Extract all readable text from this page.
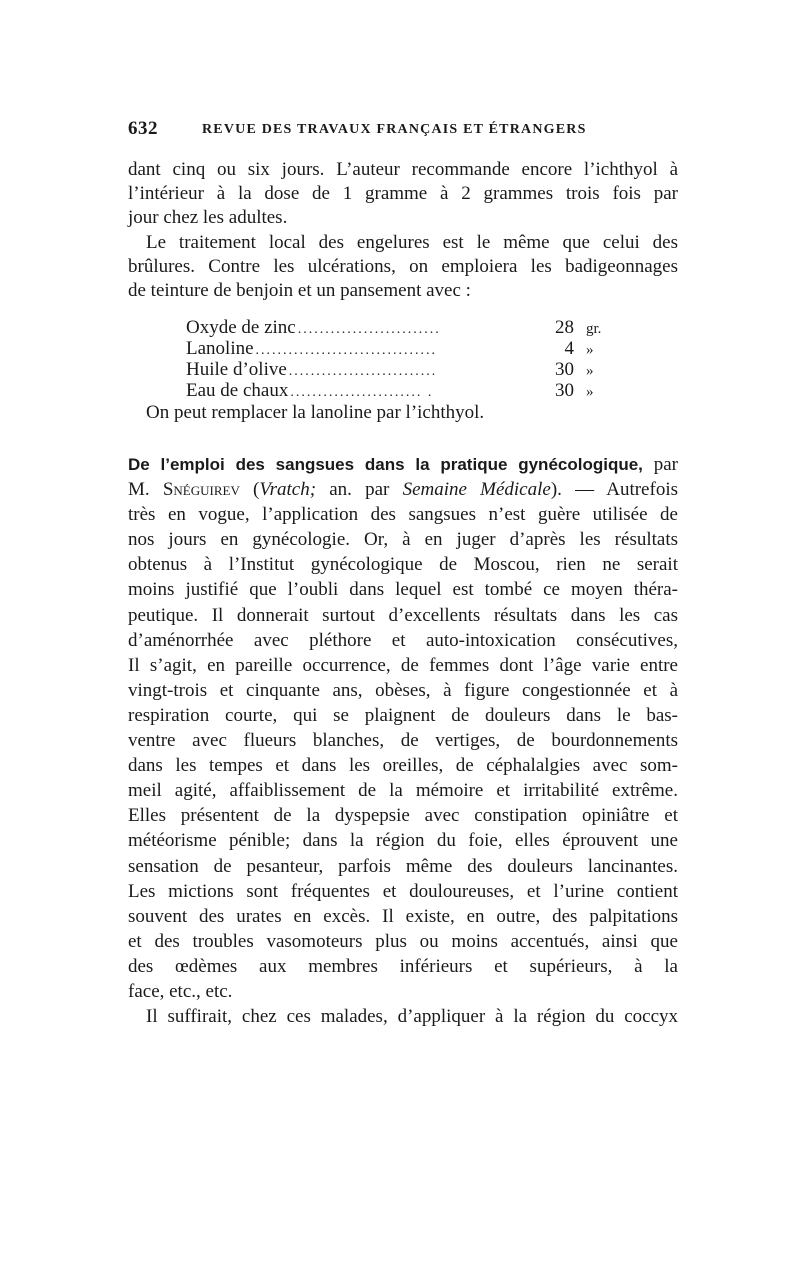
632	REVUE DES TRAVAUX FRANÇAIS ET ÉTRANGERS
dant cinq ou six jours. L’auteur recommande encore l’ichthyol à
l’intérieur à la dose de 1 gramme à 2 grammes trois fois par
jour chez les adultes.
Le traitement local des engelures est le même que celui des
brûlures. Contre les ulcérations, on emploiera les badigeonnages
de teinture de benjoin et un pansement avec :
Oxyde de zinc ..........................	28 gr.
Lanoline .................................	4 »
Huile d’olive ...........................	30 »
Eau de chaux ........................ .	30 »
On peut remplacer la lanoline par l’ichthyol.
De l’emploi des sangsues dans la pratique gynécologique, par
M. Snéguirev (Vratch; an. par Semaine Médicale). — Autrefois
très en vogue, l’application des sangsues n’est guère utilisée de
nos jours en gynécologie. Or, à en juger d’après les résultats
obtenus à l’Institut gynécologique de Moscou, rien ne serait
moins justifié que l’oubli dans lequel est tombé ce moyen théra-
peutique. Il donnerait surtout d’excellents résultats dans les cas
d’aménorrhée avec pléthore et auto-intoxication consécutives,
Il s’agit, en pareille occurrence, de femmes dont l’âge varie entre
vingt-trois et cinquante ans, obèses, à figure congestionnée et à
respiration courte, qui se plaignent de douleurs dans le bas-
ventre avec flueurs blanches, de vertiges, de bourdonnements
dans les tempes et dans les oreilles, de céphalalgies avec som-
meil agité, affaiblissement de la mémoire et irritabilité extrême.
Elles présentent de la dyspepsie avec constipation opiniâtre et
météorisme pénible; dans la région du foie, elles éprouvent une
sensation de pesanteur, parfois même des douleurs lancinantes.
Les mictions sont fréquentes et douloureuses, et l’urine contient
souvent des urates en excès. Il existe, en outre, des palpitations
et des troubles vasomoteurs plus ou moins accentués, ainsi que
des œdèmes aux membres inférieurs et supérieurs, à la
face, etc., etc.
Il suffirait, chez ces malades, d’appliquer à la région du coccyx
